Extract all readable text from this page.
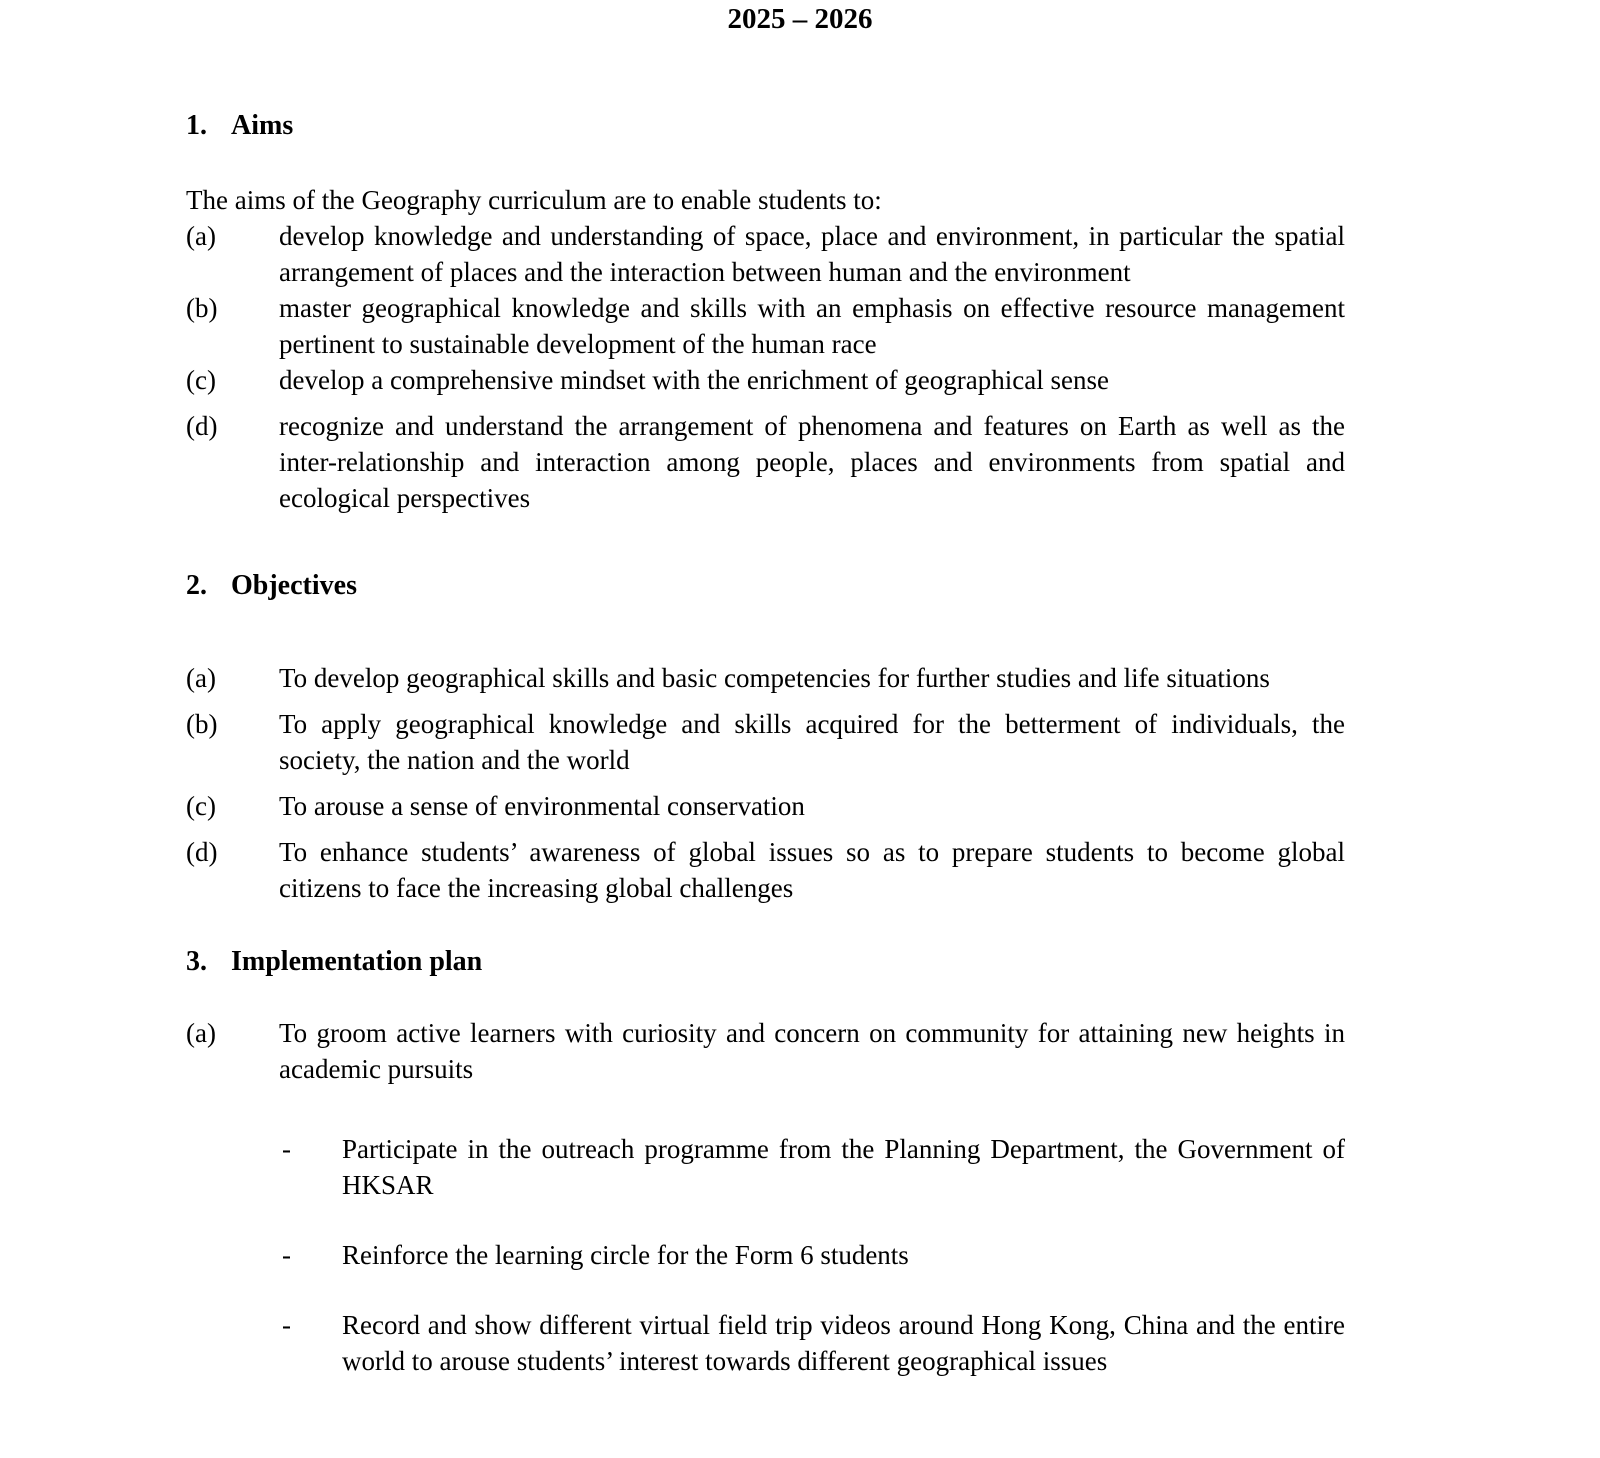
2025 – 2026
1. Aims

The aims of the Geography curriculum are to enable students to:

(a)	develop knowledge and understanding of space, place and environment, in particular the spatial arrangement of places and the interaction between human and the environment
(b)	master geographical knowledge and skills with an emphasis on effective resource management pertinent to sustainable development of the human race
(c)	develop a comprehensive mindset with the enrichment of geographical sense
(d)	recognize and understand the arrangement of phenomena and features on Earth as well as the inter-relationship and interaction among people, places and environments from spatial and ecological perspectives
2. Objectives
(a)	To develop geographical skills and basic competencies for further studies and life situations
(b)	To apply geographical knowledge and skills acquired for the betterment of individuals, the society, the nation and the world
(c)	To arouse a sense of environmental conservation
(d)	To enhance students’ awareness of global issues so as to prepare students to become global citizens to face the increasing global challenges
3. Implementation plan
(a)	To groom active learners with curiosity and concern on community for attaining new heights in academic pursuits
-	Participate in the outreach programme from the Planning Department, the Government of HKSAR
-	Reinforce the learning circle for the Form 6 students
-	Record and show different virtual field trip videos around Hong Kong, China and the entire world to arouse students’ interest towards different geographical issues
